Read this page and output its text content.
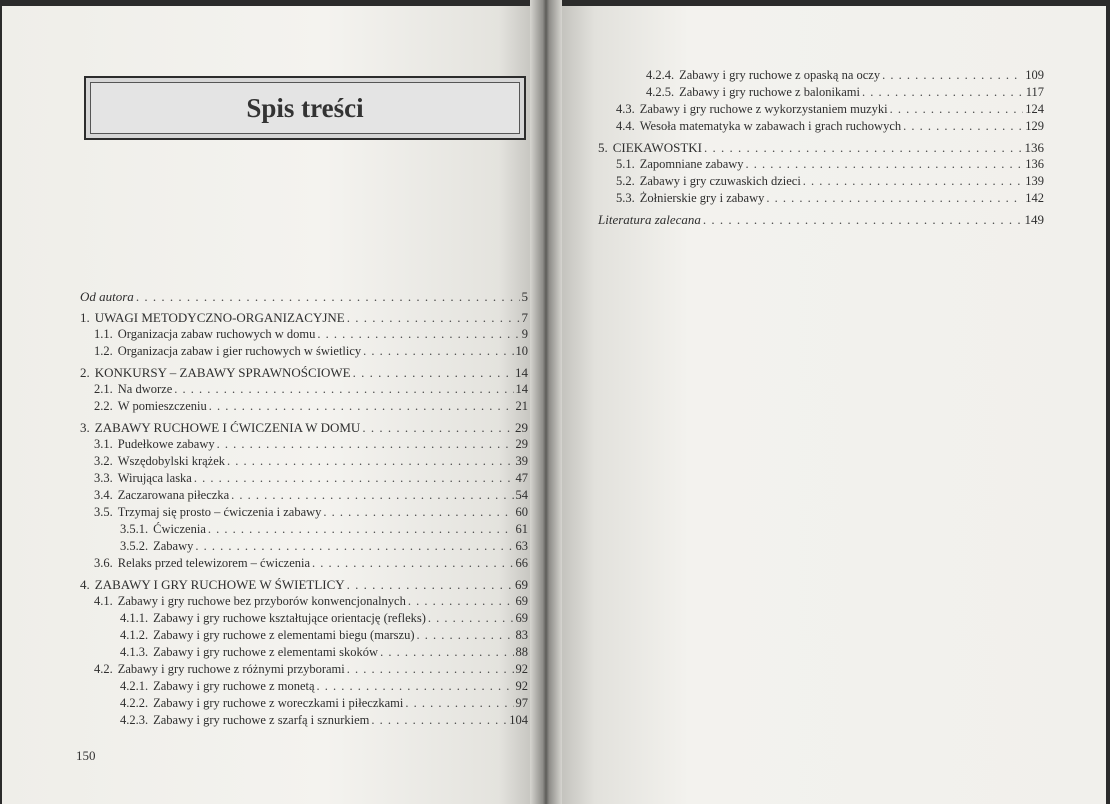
Spis treści
Od autora . . .	5
1. UWAGI METODYCZNO-ORGANIZACYJNE . . .	7
1.1. Organizacja zabaw ruchowych w domu . . .	9
1.2. Organizacja zabaw i gier ruchowych w świetlicy . . .	10
2. KONKURSY – ZABAWY SPRAWNOŚCIOWE . . .	14
2.1. Na dworze . . .	14
2.2. W pomieszczeniu . . .	21
3. ZABAWY RUCHOWE I ĆWICZENIA W DOMU . . .	29
3.1. Pudełkowe zabawy . . .	29
3.2. Wszędobylski krążek . . .	39
3.3. Wirująca laska . . .	47
3.4. Zaczarowana piłeczka . . .	54
3.5. Trzymaj się prosto – ćwiczenia i zabawy . . .	60
3.5.1. Ćwiczenia . . .	61
3.5.2. Zabawy . . .	63
3.6. Relaks przed telewizorem – ćwiczenia . . .	66
4. ZABAWY I GRY RUCHOWE W ŚWIETLICY . . .	69
4.1. Zabawy i gry ruchowe bez przyborów konwencjonalnych . . .	69
4.1.1. Zabawy i gry ruchowe kształtujące orientację (refleks) . . .	69
4.1.2. Zabawy i gry ruchowe z elementami biegu (marszu) . . .	83
4.1.3. Zabawy i gry ruchowe z elementami skoków . . .	88
4.2. Zabawy i gry ruchowe z różnymi przyborami . . .	92
4.2.1. Zabawy i gry ruchowe z monetą . . .	92
4.2.2. Zabawy i gry ruchowe z woreczkami i piłeczkami . . .	97
4.2.3. Zabawy i gry ruchowe z szarfą i sznurkiem . . .	104
150
4.2.4. Zabawy i gry ruchowe z opaską na oczy . . .	109
4.2.5. Zabawy i gry ruchowe z balonikami . . .	117
4.3. Zabawy i gry ruchowe z wykorzystaniem muzyki . . .	124
4.4. Wesoła matematyka w zabawach i grach ruchowych . . .	129
5. CIEKAWOSTKI . . .	136
5.1. Zapomniane zabawy . . .	136
5.2. Zabawy i gry czuwaskich dzieci . . .	139
5.3. Żołnierskie gry i zabawy . . .	142
Literatura zalecana . . .	149
